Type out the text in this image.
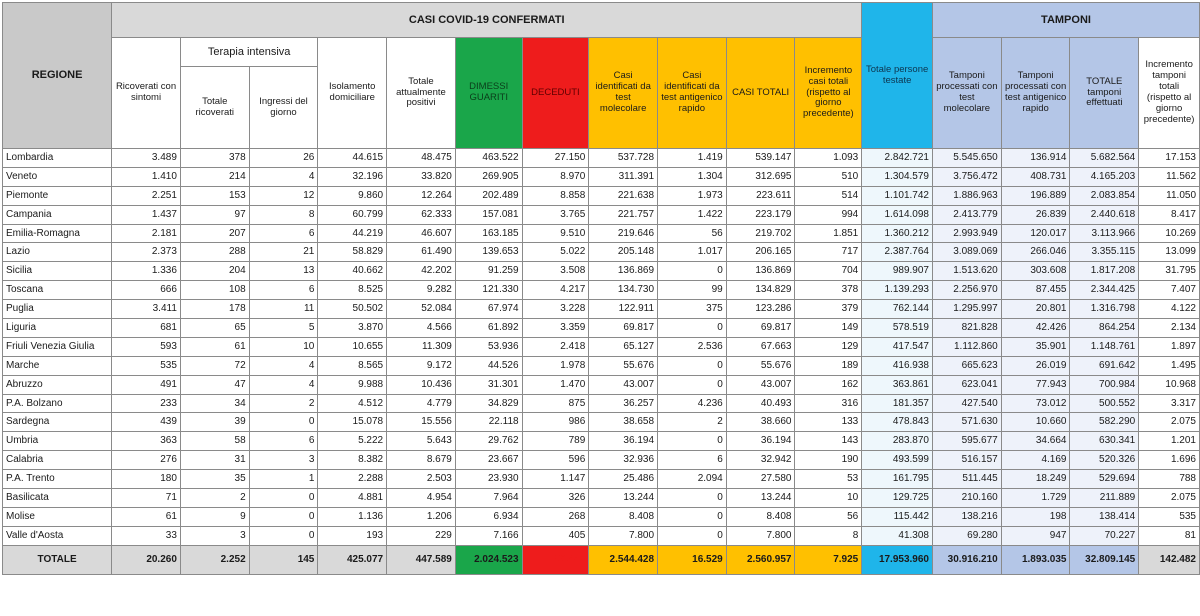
REGIONE	CASI COVID-19 CONFERMATI											Totale persone testate	TAMPONI			
	Ricoverati con sintomi	Terapia intensiva		Isolamento domiciliare	Totale attualmente positivi	DIMESSI GUARITI	DECEDUTI	Casi identificati da test molecolare	Casi identificati da test antigenico rapido	CASI TOTALI	Incremento casi totali (rispetto al giorno precedente)		Tamponi processati con test molecolare	Tamponi processati con test antigenico rapido	TOTALE tamponi effettuati	Incremento tamponi totali (rispetto al giorno precedente)
		Totale ricoverati	Ingressi del giorno													
Lombardia	3.489	378	26	44.615	48.475	463.522	27.150	537.728	1.419	539.147	1.093	2.842.721	5.545.650	136.914	5.682.564	17.153
Veneto	1.410	214	4	32.196	33.820	269.905	8.970	311.391	1.304	312.695	510	1.304.579	3.756.472	408.731	4.165.203	11.562
Piemonte	2.251	153	12	9.860	12.264	202.489	8.858	221.638	1.973	223.611	514	1.101.742	1.886.963	196.889	2.083.854	11.050
Campania	1.437	97	8	60.799	62.333	157.081	3.765	221.757	1.422	223.179	994	1.614.098	2.413.779	26.839	2.440.618	8.417
Emilia-Romagna	2.181	207	6	44.219	46.607	163.185	9.510	219.646	56	219.702	1.851	1.360.212	2.993.949	120.017	3.113.966	10.269
Lazio	2.373	288	21	58.829	61.490	139.653	5.022	205.148	1.017	206.165	717	2.387.764	3.089.069	266.046	3.355.115	13.099
Sicilia	1.336	204	13	40.662	42.202	91.259	3.508	136.869	0	136.869	704	989.907	1.513.620	303.608	1.817.208	31.795
Toscana	666	108	6	8.525	9.282	121.330	4.217	134.730	99	134.829	378	1.139.293	2.256.970	87.455	2.344.425	7.407
Puglia	3.411	178	11	50.502	52.084	67.974	3.228	122.911	375	123.286	379	762.144	1.295.997	20.801	1.316.798	4.122
Liguria	681	65	5	3.870	4.566	61.892	3.359	69.817	0	69.817	149	578.519	821.828	42.426	864.254	2.134
Friuli Venezia Giulia	593	61	10	10.655	11.309	53.936	2.418	65.127	2.536	67.663	129	417.547	1.112.860	35.901	1.148.761	1.897
Marche	535	72	4	8.565	9.172	44.526	1.978	55.676	0	55.676	189	416.938	665.623	26.019	691.642	1.495
Abruzzo	491	47	4	9.988	10.436	31.301	1.470	43.007	0	43.007	162	363.861	623.041	77.943	700.984	10.968
P.A. Bolzano	233	34	2	4.512	4.779	34.829	875	36.257	4.236	40.493	316	181.357	427.540	73.012	500.552	3.317
Sardegna	439	39	0	15.078	15.556	22.118	986	38.658	2	38.660	133	478.843	571.630	10.660	582.290	2.075
Umbria	363	58	6	5.222	5.643	29.762	789	36.194	0	36.194	143	283.870	595.677	34.664	630.341	1.201
Calabria	276	31	3	8.382	8.679	23.667	596	32.936	6	32.942	190	493.599	516.157	4.169	520.326	1.696
P.A. Trento	180	35	1	2.288	2.503	23.930	1.147	25.486	2.094	27.580	53	161.795	511.445	18.249	529.694	788
Basilicata	71	2	0	4.881	4.954	7.964	326	13.244	0	13.244	10	129.725	210.160	1.729	211.889	2.075
Molise	61	9	0	1.136	1.206	6.934	268	8.408	0	8.408	56	115.442	138.216	198	138.414	535
Valle d'Aosta	33	3	0	193	229	7.166	405	7.800	0	7.800	8	41.308	69.280	947	70.227	81
TOTALE	20.260	2.252	145	425.077	447.589	2.024.523	88.442	2.544.428	16.529	2.560.957	7.925	17.953.960	30.916.210	1.893.035	32.809.145	142.482
